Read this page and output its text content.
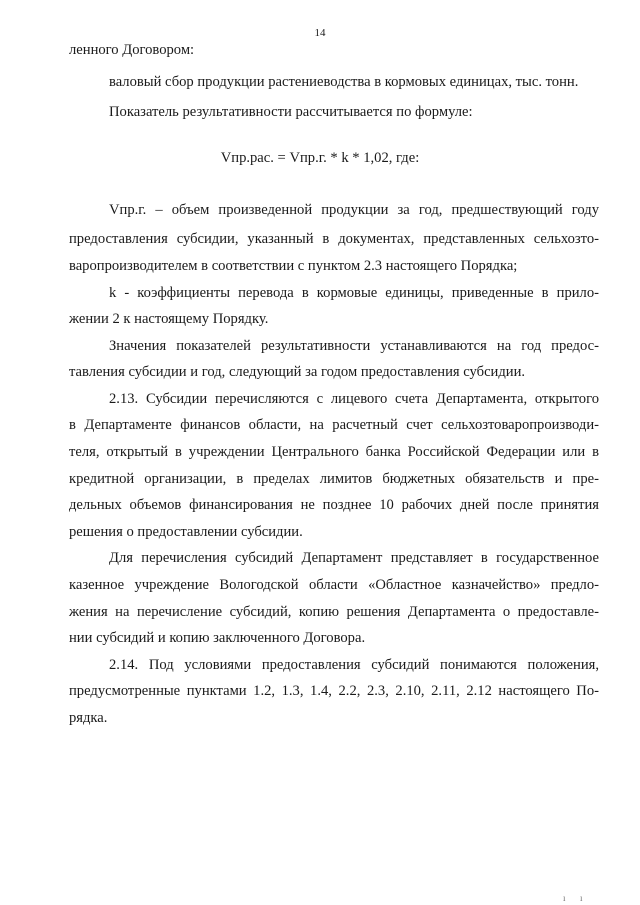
14
Vпр.рас. = Vпр.г. * k * 1,02, где:
ленного Договором:
валовый сбор продукции растениеводства в кормовых единицах, тыс. тонн.
Показатель результативности рассчитывается по формуле:
Vпр.г. – объем произведенной продукции за год, предшествующий году
предоставления субсидии, указанный в документах, представленных сельхозто-
варопроизводителем в соответствии с пунктом 2.3 настоящего Порядка;
k - коэффициенты перевода в кормовые единицы, приведенные в прило-
жении 2 к настоящему Порядку.
Значения показателей результативности устанавливаются на год предос-
тавления субсидии и год, следующий за годом предоставления субсидии.
2.13. Субсидии перечисляются с лицевого счета Департамента, открытого
в Департаменте финансов области, на расчетный счет сельхозтоваропроизводи-
теля, открытый в учреждении Центрального банка Российской Федерации или в
кредитной организации, в пределах лимитов бюджетных обязательств и пре-
дельных объемов финансирования не позднее 10 рабочих дней после принятия
решения о предоставлении субсидии.
Для перечисления субсидий Департамент представляет в государственное
казенное учреждение Вологодской области «Областное казначейство» предло-
жения на перечисление субсидий, копию решения Департамента о предоставле-
нии субсидий и копию заключенного Договора.
2.14. Под условиями предоставления субсидий понимаются положения,
предусмотренные пунктами 1.2, 1.3, 1.4, 2.2, 2.3, 2.10, 2.11, 2.12 настоящего По-
рядка.
ı ı
